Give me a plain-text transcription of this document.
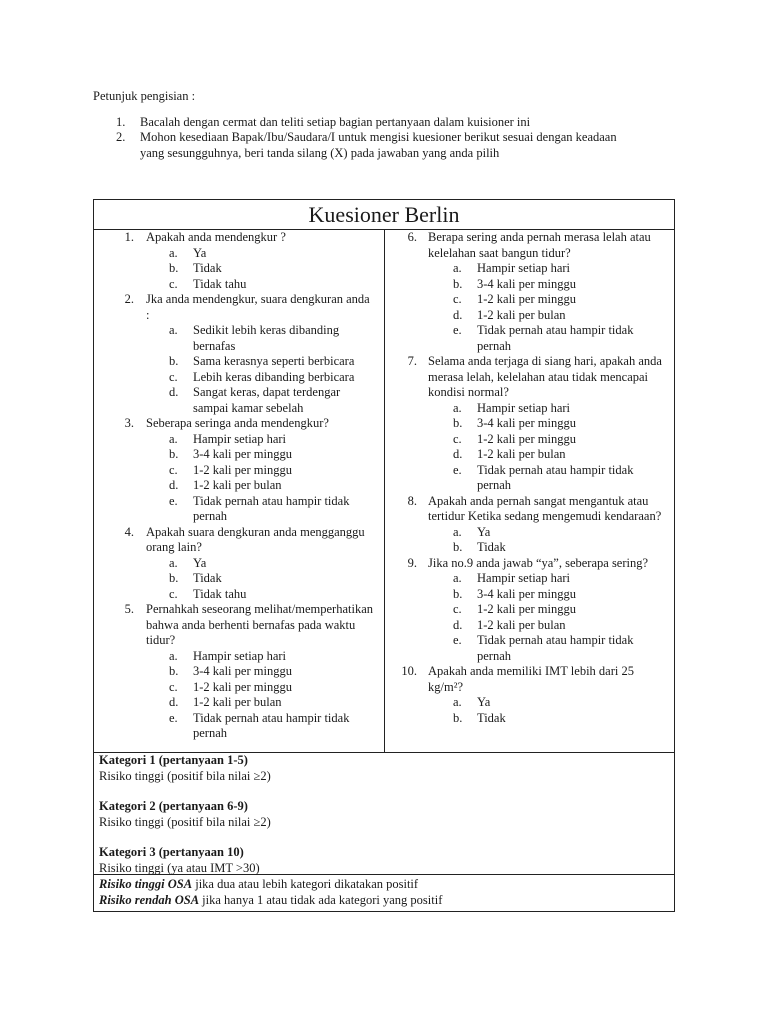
Petunjuk pengisian :
1.	Bacalah dengan cermat dan teliti setiap bagian pertanyaan dalam kuisioner ini
2.	Mohon kesediaan Bapak/Ibu/Saudara/I untuk mengisi kuesioner berikut sesuai dengan keadaan yang sesungguhnya, beri tanda silang (X) pada jawaban yang anda pilih
Kuesioner Berlin
1. Apakah anda mendengkur ?
a.	Ya
b.	Tidak
c.	Tidak tahu
2. Jka anda mendengkur, suara dengkuran anda :
a.	Sedikit lebih keras dibanding bernafas
b.	Sama kerasnya seperti berbicara
c.	Lebih keras dibanding berbicara
d.	Sangat keras, dapat terdengar sampai kamar sebelah
3. Seberapa seringa anda mendengkur?
a.	Hampir setiap hari
b.	3-4 kali per minggu
c.	1-2 kali per minggu
d.	1-2 kali per bulan
e.	Tidak pernah atau hampir tidak pernah
4. Apakah suara dengkuran anda mengganggu orang lain?
a.	Ya
b.	Tidak
c.	Tidak tahu
5. Pernahkah seseorang melihat/memperhatikan bahwa anda berhenti bernafas pada waktu tidur?
a.	Hampir setiap hari
b.	3-4 kali per minggu
c.	1-2 kali per minggu
d.	1-2 kali per bulan
e.	Tidak pernah atau hampir tidak pernah
6. Berapa sering anda pernah merasa lelah atau kelelahan saat bangun tidur?
a.	Hampir setiap hari
b.	3-4 kali per minggu
c.	1-2 kali per minggu
d.	1-2 kali per bulan
e.	Tidak pernah atau hampir tidak pernah
7. Selama anda terjaga di siang hari, apakah anda merasa lelah, kelelahan atau tidak mencapai kondisi normal?
a.	Hampir setiap hari
b.	3-4 kali per minggu
c.	1-2 kali per minggu
d.	1-2 kali per bulan
e.	Tidak pernah atau hampir tidak pernah
8. Apakah anda pernah sangat mengantuk atau tertidur Ketika sedang mengemudi kendaraan?
a.	Ya
b.	Tidak
9. Jika no.9 anda jawab “ya”, seberapa sering?
a.	Hampir setiap hari
b.	3-4 kali per minggu
c.	1-2 kali per minggu
d.	1-2 kali per bulan
e.	Tidak pernah atau hampir tidak pernah
10. Apakah anda memiliki IMT lebih dari 25 kg/m²?
a.	Ya
b.	Tidak
Kategori 1 (pertanyaan 1-5)
Risiko tinggi (positif bila nilai ≥2)
Kategori 2 (pertanyaan 6-9)
Risiko tinggi (positif bila nilai ≥2)
Kategori 3 (pertanyaan 10)
Risiko tinggi (ya atau IMT >30)
Risiko tinggi OSA jika dua atau lebih kategori dikatakan positif
Risiko rendah OSA jika hanya 1 atau tidak ada kategori yang positif
